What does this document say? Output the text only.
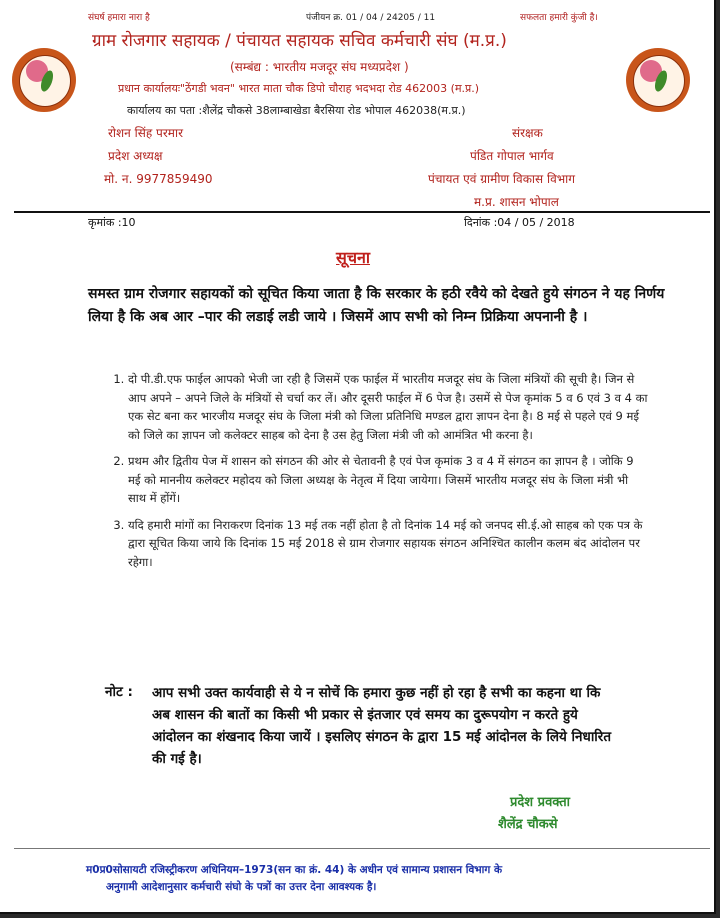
संघर्ष हमारा नारा है	पंजीयन क्र. 01 / 04 / 24205 / 11	सफलता हमारी कुंजी है।
ग्राम रोजगार सहायक / पंचायत सहायक सचिव कर्मचारी संघ (म.प्र.)
(सम्बंद्य : भारतीय मजदूर संघ मध्यप्रदेश )
प्रधान कार्यालयः"ठेंगडी भवन" भारत माता चौक डिपो चौराह भदभदा रोड 462003 (म.प्र.)
कार्यालय का पता :शैलेंद्र चौकसे 38लाम्बाखेडा बैरसिया रोड भोपाल 462038(म.प्र.)
रोशन सिंह परमार
प्रदेश अध्यक्ष
मो. न. 9977859490
संरक्षक
पंडित गोपाल भार्गव
पंचायत एवं ग्रामीण विकास विभाग
म.प्र. शासन भोपाल
कृमांक :10	दिनांक :04 / 05 / 2018
सूचना
समस्त ग्राम रोजगार सहायकों को सूचित किया जाता है कि सरकार के हठी रवैये को देखते हुये संगठन ने यह निर्णय लिया है कि अब आर –पार की लडाई लडी जाये । जिसमें आप सभी को निम्न प्रिक्रिया अपनानी है ।
1. दो पी.डी.एफ फाईल आपको भेजी जा रही है जिसमें एक फाईल में भारतीय मजदूर संघ के जिला मंत्रियों की सूची है। जिन से आप अपने – अपने जिले के मंत्रियों से चर्चा कर लें। और दूसरी फाईल में 6 पेज है। उसमें से पेज कृमांक 5 व 6 एवं 3 व 4 का एक सेट बना कर भारजीय मजदूर संघ के जिला मंत्री को जिला प्रतिनिधि मण्डल द्वारा ज्ञापन देना है। 8 मई से पहले एवं 9 मई को जिले का ज्ञापन जो कलेक्टर साहब को देना है उस हेतु जिला मंत्री जी को आमंत्रित भी करना है।
2. प्रथम और द्वितीय पेज में शासन को संगठन की ओर से चेतावनी है एवं पेज कृमांक 3 व 4 में संगठन का ज्ञापन है । जोकि 9 मई को माननीय कलेक्टर महोदय को जिला अध्यक्ष के नेतृत्व में दिया जायेगा। जिसमें भारतीय मजदूर संघ के जिला मंत्री भी साथ में होंगें।
3. यदि हमारी मांगों का निराकरण दिनांक 13 मई तक नहीं होता है तो दिनांक 14 मई को जनपद सी.ई.ओ साहब को एक पत्र के द्वारा सूचित किया जाये कि दिनांक 15 मई 2018 से ग्राम रोजगार सहायक संगठन अनिश्चित कालीन कलम बंद आंदोलन पर रहेगा।
नोट : आप सभी उक्त कार्यवाही से ये न सोचें कि हमारा कुछ नहीं हो रहा है सभी का कहना था कि अब शासन की बातों का किसी भी प्रकार से इंतजार एवं समय का दुरूपयोग न करते हुये आंदोलन का शंखनाद किया जायें । इसलिए संगठन के द्वारा 15 मई आंदोनल के लिये निधारित की गई है।
प्रदेश प्रवक्ता
शैलेंद्र चौकसे
म0प्र0सोसायटी रजिस्ट्रीकरण अधिनियम–1973(सन का क्रं. 44) के अधीन एवं सामान्य प्रशासन विभाग के
अनुगामी आदेशानुसार कर्मचारी संघो के पत्रों का उत्तर देना आवश्यक है।
